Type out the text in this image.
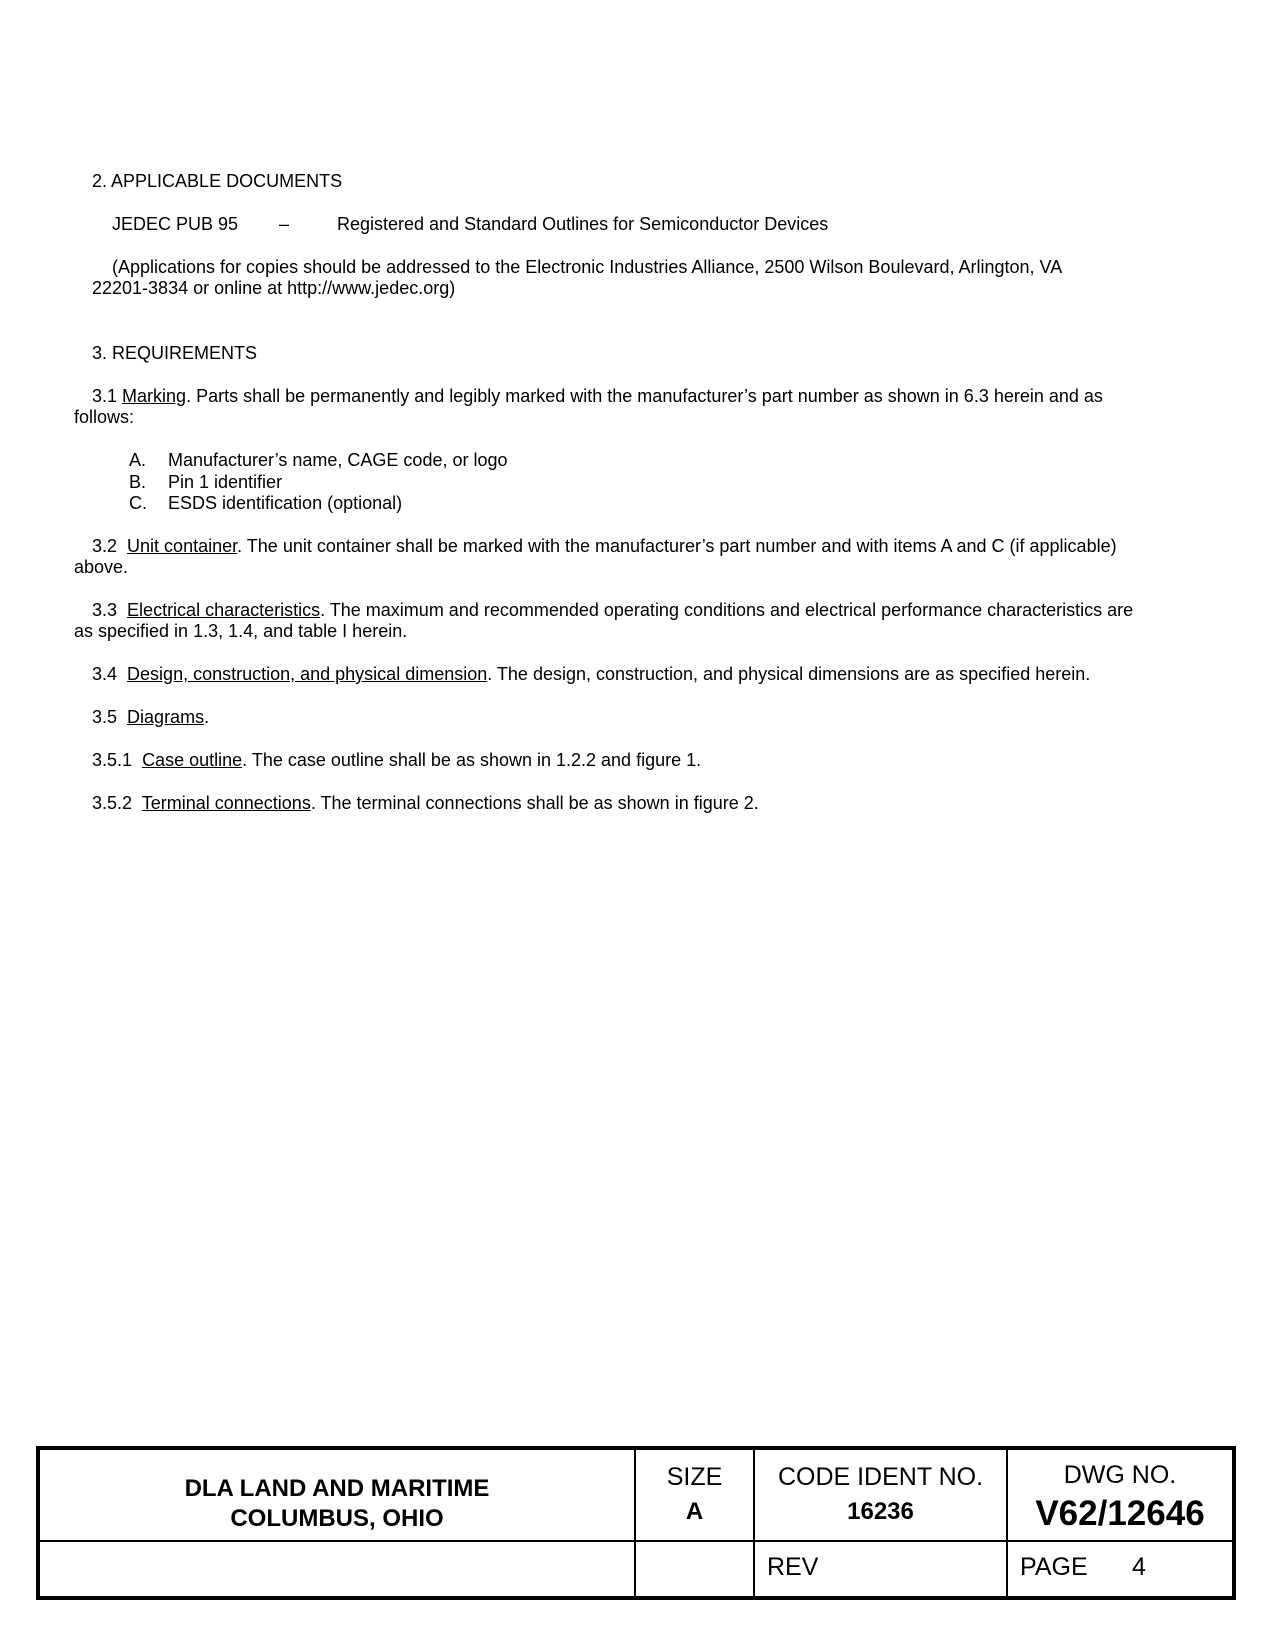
2. APPLICABLE DOCUMENTS
JEDEC PUB 95 –	Registered and Standard Outlines for Semiconductor Devices
(Applications for copies should be addressed to the Electronic Industries Alliance, 2500 Wilson Boulevard, Arlington, VA
22201-3834 or online at http://www.jedec.org)
3. REQUIREMENTS
3.1 Marking. Parts shall be permanently and legibly marked with the manufacturer’s part number as shown in 6.3 herein and as
follows:
A. Manufacturer’s name, CAGE code, or logo
B. Pin 1 identifier
C. ESDS identification (optional)
3.2 Unit container. The unit container shall be marked with the manufacturer’s part number and with items A and C (if applicable)
above.
3.3 Electrical characteristics. The maximum and recommended operating conditions and electrical performance characteristics are
as specified in 1.3, 1.4, and table I herein.
3.4 Design, construction, and physical dimension. The design, construction, and physical dimensions are as specified herein.
3.5 Diagrams.
3.5.1 Case outline. The case outline shall be as shown in 1.2.2 and figure 1.
3.5.2 Terminal connections. The terminal connections shall be as shown in figure 2.
DLA LAND AND MARITIME
COLUMBUS, OHIO
SIZE
A
CODE IDENT NO.
16236
DWG NO.
V62/12646
REV	PAGE 4
